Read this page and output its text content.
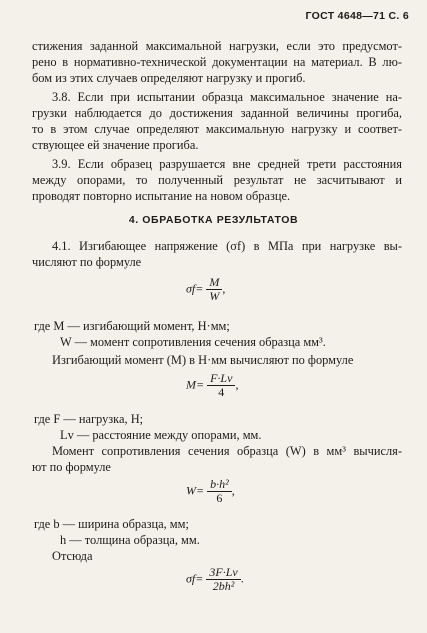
ГОСТ 4648—71 С. 6
стижения заданной максимальной нагрузки, если это предусмот-
рено в нормативно-технической документации на материал. В лю-
бом из этих случаев определяют нагрузку и прогиб.
3.8. Если при испытании образца максимальное значение на-
грузки наблюдается до достижения заданной величины прогиба,
то в этом случае определяют максимальную нагрузку и соответ-
ствующее ей значение прогиба.
3.9. Если образец разрушается вне средней трети расстояния
между опорами, то полученный результат не засчитывают и
проводят повторно испытание на новом образце.
4. ОБРАБОТКА РЕЗУЛЬТАТОВ
4.1. Изгибающее напряжение (σf) в МПа при нагрузке вы-
числяют по формуле
$\sigma f= \frac{M}{W}$ ,
где M — изгибающий момент, Н·мм;
W — момент сопротивления сечения образца мм³.
Изгибающий момент (M) в Н·мм вычисляют по формуле
$M= \frac{F\cdot Lv}{4}$ ,
где F — нагрузка, Н;
Lv — расстояние между опорами, мм.
Момент сопротивления сечения образца (W) в мм³ вычисля-
ют по формуле
$W= \frac{\text{b·h²}}{6}$ ,
где b — ширина образца, мм;
h — толщина образца, мм.
Отсюда
$\sigma f= \frac{3F\cdot Lv}{\text{2bh²}}$ .
